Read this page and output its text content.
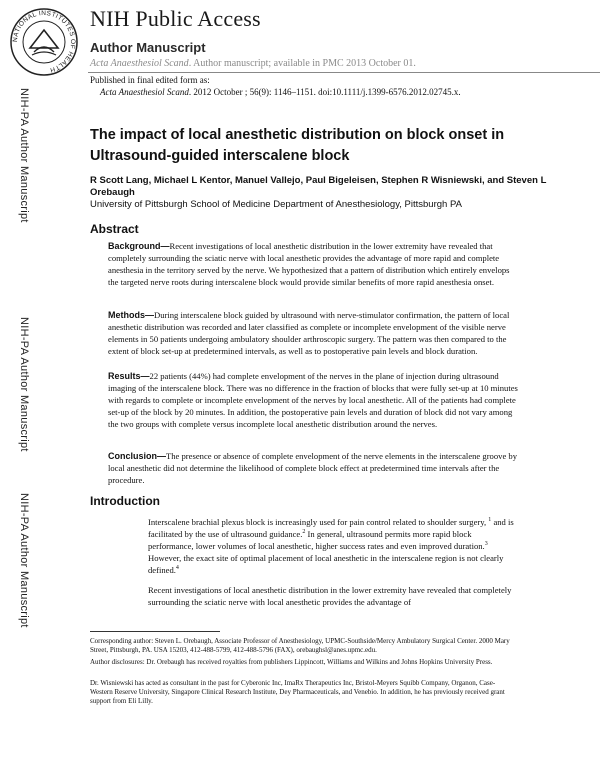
NATIONAL INSTITUTES OF HEALTH
NIH Public Access
Author Manuscript
Acta Anaesthesiol Scand. Author manuscript; available in PMC 2013 October 01.
Published in final edited form as:
Acta Anaesthesiol Scand. 2012 October ; 56(9): 1146–1151. doi:10.1111/j.1399-6576.2012.02745.x.
NIH-PA Author Manuscript
NIH-PA Author Manuscript
NIH-PA Author Manuscript
The impact of local anesthetic distribution on block onset in Ultrasound-guided interscalene block
R Scott Lang, Michael L Kentor, Manuel Vallejo, Paul Bigeleisen, Stephen R Wisniewski, and Steven L Orebaugh
University of Pittsburgh School of Medicine Department of Anesthesiology, Pittsburgh PA
Abstract
Background—Recent investigations of local anesthetic distribution in the lower extremity have revealed that completely surrounding the sciatic nerve with local anesthetic provides the advantage of more rapid and complete anesthesia in the territory served by the nerve. We hypothesized that a pattern of distribution which entirely envelops the targeted nerve roots during interscalene block would provide similar benefits of more rapid anesthesia onset.
Methods—During interscalene block guided by ultrasound with nerve-stimulator confirmation, the pattern of local anesthetic distribution was recorded and later classified as complete or incomplete envelopment of the visible nerve elements in 50 patients undergoing ambulatory shoulder arthroscopic surgery. The pattern was then compared to the extent of block set-up at predetermined intervals, as well as to postoperative pain levels and block duration.
Results—22 patients (44%) had complete envelopment of the nerves in the plane of injection during ultrasound imaging of the interscalene block. There was no difference in the fraction of blocks that were fully set-up at 10 minutes with regards to complete or incomplete envelopment of the nerves by local anesthetic. All of the patients had complete set-up of the block by 20 minutes. In addition, the postoperative pain levels and duration of block did not vary among the two groups with complete versus incomplete local anesthetic distribution around the nerves.
Conclusion—The presence or absence of complete envelopment of the nerve elements in the interscalene groove by local anesthetic did not determine the likelihood of complete block effect at predetermined time intervals after the procedure.
Introduction
Interscalene brachial plexus block is increasingly used for pain control related to shoulder surgery, $^1$ and is facilitated by the use of ultrasound guidance.$^2$ In general, ultrasound permits more rapid block performance, lower volumes of local anesthetic, higher success rates and even improved duration.$^3$ However, the exact site of optimal placement of local anesthetic in the interscalene region is not clearly defined.$^4$
Recent investigations of local anesthetic distribution in the lower extremity have revealed that completely surrounding the sciatic nerve with local anesthetic provides the advantage of
Corresponding author: Steven L. Orebaugh, Associate Professor of Anesthesiology, UPMC-Southside/Mercy Ambulatory Surgical Center. 2000 Mary Street, Pittsburgh, PA. USA 15203, 412-488-5799, 412-488-5796 (FAX), orebaughsl@anes.upmc.edu.
Author disclosures: Dr. Orebaugh has received royalties from publishers Lippincott, Williams and Wilkins and Johns Hopkins University Press.
Dr. Wisniewski has acted as consultant in the past for Cyberonic Inc, ImaRx Therapeutics Inc, Bristol-Meyers Squibb Company, Organon, Case-Western Reserve University, Singapore Clinical Research Institute, Dey Pharmaceuticals, and Venebio. In addition, he has previously received grant support from Eli Lilly.
